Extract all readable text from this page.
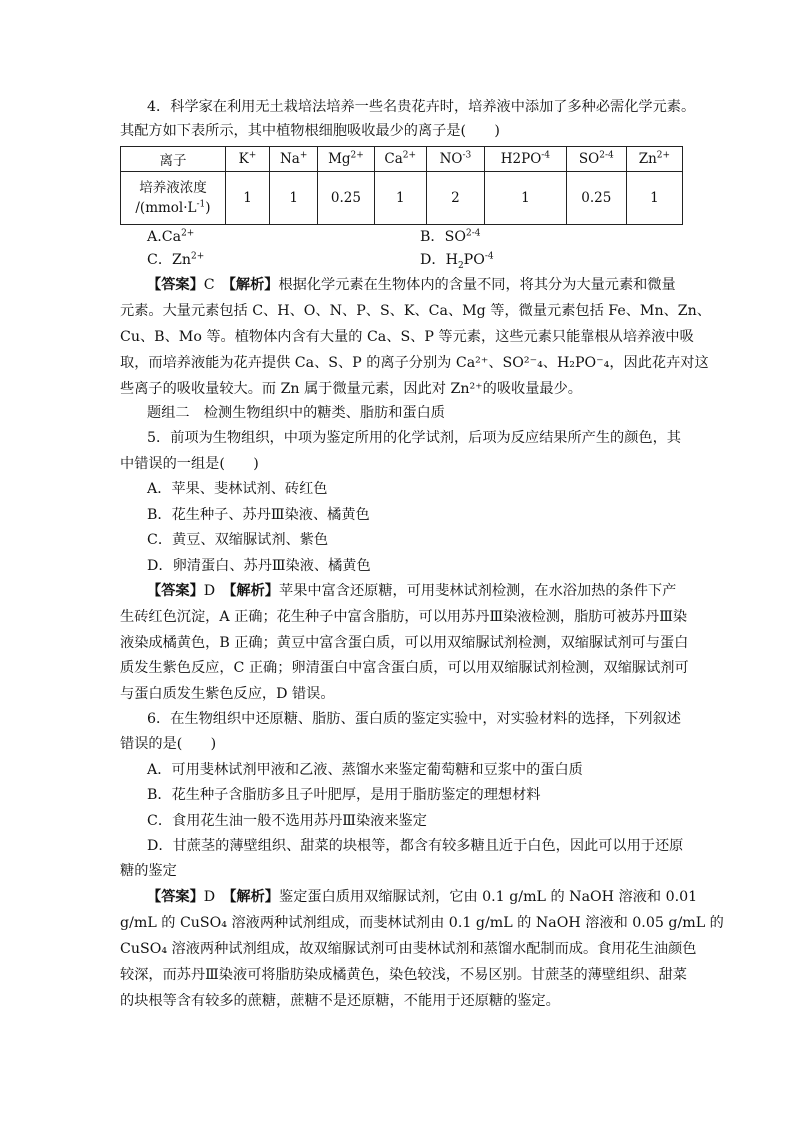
4．科学家在利用无土栽培法培养一些名贵花卉时，培养液中添加了多种必需化学元素。
其配方如下表所示，其中植物根细胞吸收最少的离子是(　　)
离子	K+	Na+	$Mg^{2+}$	$Ca^{2+}$	$NO^{-3}$	$H2PO^{-4}$	SO$^{2-4}$	$Zn^{2+}$

培养液浓度
$/(mmol\cdot L^{-1})$	1	1	0.25	1	2	1	0.25	1
$A.Ca^{2+}$	B．SO$^{2-4}$
C．$Zn^{2+}$	D．$H_2PO^{-4}$
【答案】C　 【解析】根据化学元素在生物体内的含量不同，将其分为大量元素和微量
元素。大量元素包括 C、H、O、N、P、S、K、Ca、Mg 等，微量元素包括 Fe、Mn、Zn、
Cu、B、Mo 等。植物体内含有大量的 Ca、S、P 等元素，这些元素只能靠根从培养液中吸
取，而培养液能为花卉提供 Ca、S、P 的离子分别为 Ca²⁺、SO²⁻₄、H₂PO⁻₄，因此花卉对这
些离子的吸收量较大。而 Zn 属于微量元素，因此对 Zn²⁺的吸收量最少。
题组二　检测生物组织中的糖类、脂肪和蛋白质
5．前项为生物组织，中项为鉴定所用的化学试剂，后项为反应结果所产生的颜色，其
中错误的一组是(　　)
A．苹果、斐林试剂、砖红色
B．花生种子、苏丹Ⅲ染液、橘黄色
C．黄豆、双缩脲试剂、紫色
D．卵清蛋白、苏丹Ⅲ染液、橘黄色
【答案】D　 【解析】苹果中富含还原糖，可用斐林试剂检测，在水浴加热的条件下产
生砖红色沉淀，A 正确；花生种子中富含脂肪，可以用苏丹Ⅲ染液检测，脂肪可被苏丹Ⅲ染
液染成橘黄色，B 正确；黄豆中富含蛋白质，可以用双缩脲试剂检测，双缩脲试剂可与蛋白
质发生紫色反应，C 正确；卵清蛋白中富含蛋白质，可以用双缩脲试剂检测，双缩脲试剂可
与蛋白质发生紫色反应，D 错误。
6．在生物组织中还原糖、脂肪、蛋白质的鉴定实验中，对实验材料的选择，下列叙述
错误的是(　　)
A．可用斐林试剂甲液和乙液、蒸馏水来鉴定葡萄糖和豆浆中的蛋白质
B．花生种子含脂肪多且子叶肥厚，是用于脂肪鉴定的理想材料
C．食用花生油一般不选用苏丹Ⅲ染液来鉴定
D．甘蔗茎的薄壁组织、甜菜的块根等，都含有较多糖且近于白色，因此可以用于还原
糖的鉴定
【答案】D　 【解析】鉴定蛋白质用双缩脲试剂，它由 0.1 g/mL 的 NaOH 溶液和 0.01
g/mL 的 CuSO₄ 溶液两种试剂组成，而斐林试剂由 0.1 g/mL 的 NaOH 溶液和 0.05 g/mL 的
CuSO₄ 溶液两种试剂组成，故双缩脲试剂可由斐林试剂和蒸馏水配制而成。食用花生油颜色
较深，而苏丹Ⅲ染液可将脂肪染成橘黄色，染色较浅，不易区别。甘蔗茎的薄壁组织、甜菜
的块根等含有较多的蔗糖，蔗糖不是还原糖，不能用于还原糖的鉴定。
